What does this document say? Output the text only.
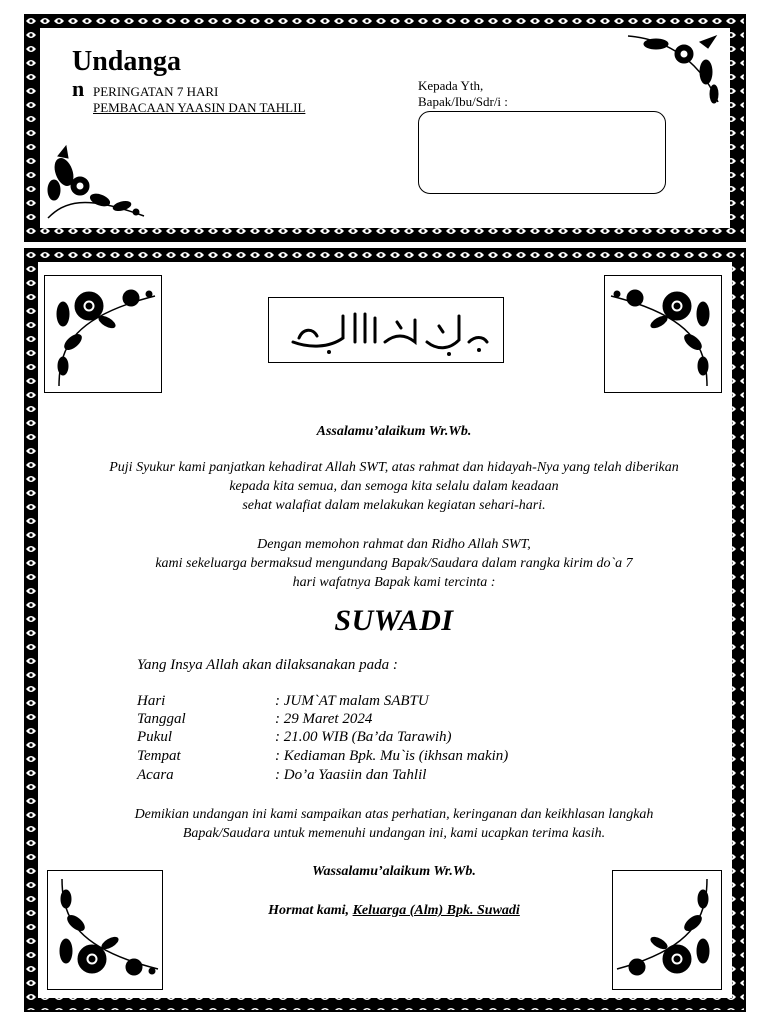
Undanga
n PERINGATAN 7 HARI
PEMBACAAN YAASIN DAN TAHLIL
Kepada Yth,
Bapak/Ibu/Sdr/i :
Assalamu’alaikum Wr.Wb.
Puji Syukur kami panjatkan kehadirat Allah SWT, atas rahmat dan hidayah-Nya yang telah diberikan
kepada kita semua, dan semoga kita selalu dalam keadaan
sehat walafiat dalam melakukan kegiatan sehari-hari.
Dengan memohon rahmat dan Ridho Allah SWT,
kami sekeluarga bermaksud mengundang Bapak/Saudara dalam rangka kirim do`a 7
hari wafatnya Bapak kami tercinta :
SUWADI
Yang Insya Allah akan dilaksanakan pada :
Hari	: JUM`AT malam SABTU
Tanggal	: 29 Maret 2024
Pukul	: 21.00 WIB (Ba’da Tarawih)
Tempat	: Kediaman Bpk. Mu`is (ikhsan makin)
Acara	: Do’a Yaasiin dan Tahlil
Demikian undangan ini kami sampaikan atas perhatian, keringanan dan keikhlasan langkah
Bapak/Saudara untuk memenuhi undangan ini, kami ucapkan terima kasih.
Wassalamu’alaikum Wr.Wb.
Hormat kami, Keluarga (Alm) Bpk. Suwadi
